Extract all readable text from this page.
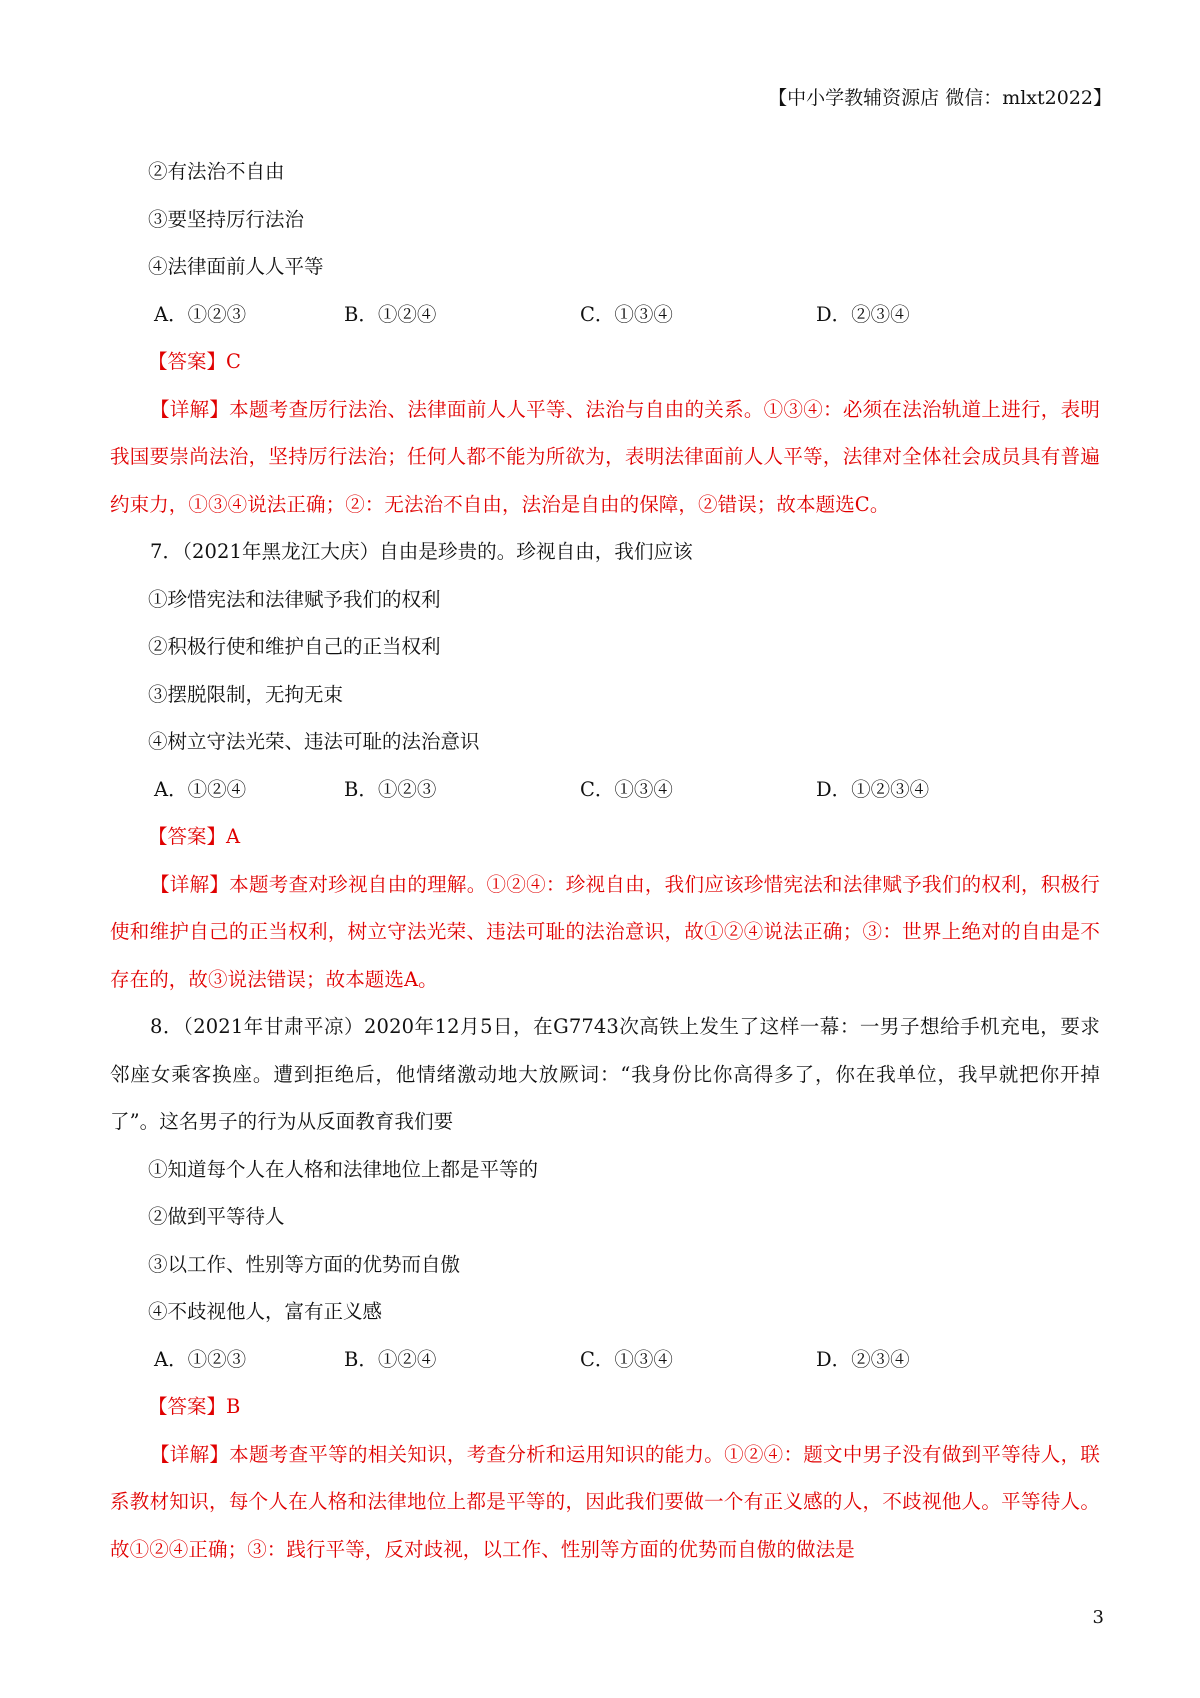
【中小学教辅资源店 微信：mlxt2022】
②有法治不自由
③要坚持厉行法治
④法律面前人人平等
A．①②③	B．①②④	C．①③④	D．②③④
【答案】C
【详解】本题考查厉行法治、法律面前人人平等、法治与自由的关系。①③④：必须在法治轨道上进行，表明我国要崇尚法治，坚持厉行法治；任何人都不能为所欲为，表明法律面前人人平等，法律对全体社会成员具有普遍约束力，①③④说法正确；②：无法治不自由，法治是自由的保障，②错误；故本题选C。
7．（2021年黑龙江大庆）自由是珍贵的。珍视自由，我们应该
①珍惜宪法和法律赋予我们的权利
②积极行使和维护自己的正当权利
③摆脱限制，无拘无束
④树立守法光荣、违法可耻的法治意识
A．①②④	B．①②③	C．①③④	D．①②③④
【答案】A
【详解】本题考查对珍视自由的理解。①②④：珍视自由，我们应该珍惜宪法和法律赋予我们的权利，积极行使和维护自己的正当权利，树立守法光荣、违法可耻的法治意识，故①②④说法正确；③：世界上绝对的自由是不存在的，故③说法错误；故本题选A。
8．（2021年甘肃平凉）2020年12月5日，在G7743次高铁上发生了这样一幕：一男子想给手机充电，要求邻座女乘客换座。遭到拒绝后，他情绪激动地大放厥词：“我身份比你高得多了，你在我单位，我早就把你开掉了”。这名男子的行为从反面教育我们要
①知道每个人在人格和法律地位上都是平等的
②做到平等待人
③以工作、性别等方面的优势而自傲
④不歧视他人，富有正义感
A．①②③	B．①②④	C．①③④	D．②③④
【答案】B
【详解】本题考查平等的相关知识，考查分析和运用知识的能力。①②④：题文中男子没有做到平等待人，联系教材知识，每个人在人格和法律地位上都是平等的，因此我们要做一个有正义感的人，不歧视他人。平等待人。故①②④正确；③：践行平等，反对歧视，以工作、性别等方面的优势而自傲的做法是
3
